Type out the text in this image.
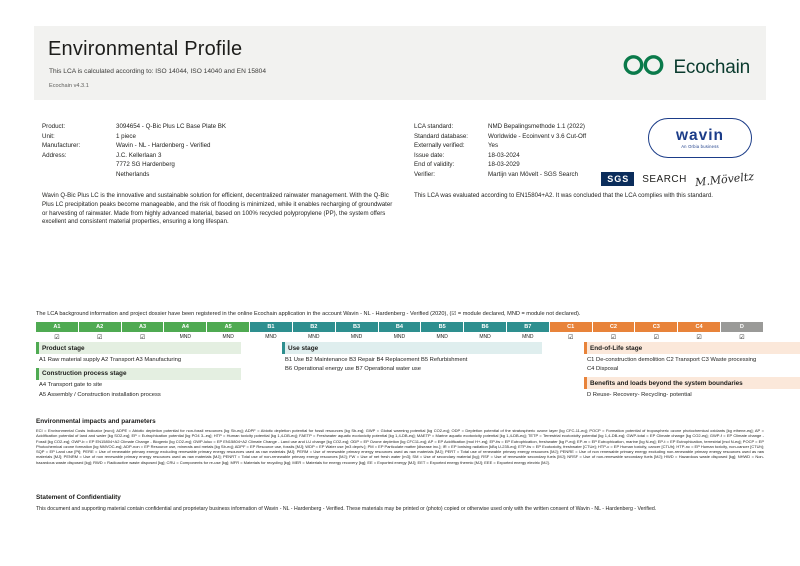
Environmental Profile
This LCA is calculated according to: ISO 14044, ISO 14040 and EN 15804
Ecochain v4.3.1
Ecochain
Product:	3094654 - Q-Bic Plus LC Base Plate BK
Unit:	1 piece
Manufacturer:	Wavin - NL - Hardenberg - Verified
Address:	J.C. Kellerlaan 3
7772 SG Hardenberg
Netherlands
LCA standard:	NMD Bepalingsmethode 1.1 (2022)
Standard database:	Worldwide - Ecoinvent v 3.6 Cut-Off
Externally verified:	Yes
Issue date:	18-03-2024
End of validity:	18-03-2029
Verifier:	Martijn van Mövelt - SGS Search
wavin
An Orbia business
SGS	SEARCH M.Möveltz
Wavin Q-Bic Plus LC is the innovative and sustainable solution for efficient, decentralized rainwater management. With the Q-Bic Plus LC precipitation peaks become manageable, and the risk of flooding is minimized, while it enables recharging of groundwater or harvesting of rainwater. Made from highly advanced material, based on 100% recycled polypropylene (PP), the system offers excellent and consistent material properties, ensuring a long lifespan.
This LCA was evaluated according to EN15804+A2. It was concluded that the LCA complies with this standard.
The LCA background information and project dossier have been registered in the online Ecochain application in the account Wavin - NL - Hardenberg - Verified (2020), (☑ = module declared, MND = module not declared).
A1	A2	A3	A4	A5	B1	B2	B3	B4	B5	B6	B7	C1	C2	C3	C4	D
☑	☑	☑	MND	MND	MND	MND	MND	MND	MND	MND	MND	☑	☑	☑	☑	☑
Product stage
A1 Raw material supply A2 Transport A3 Manufacturing
Construction process stage
A4 Transport gate to site
A5 Assembly / Construction installation process
Use stage
B1 Use B2 Maintenance B3 Repair B4 Replacement B5 Refurbishment
B6 Operational energy use B7 Operational water use
End-of-Life stage
C1 De-construction demolition C2 Transport C3 Waste processing
C4 Disposal
Benefits and loads beyond the system boundaries
D Reuse- Recovery- Recycling- potential
Environmental impacts and parameters
ECI = Environmental Costs Indicator [euro]; ADPE = Abiotic depletion potential for non-fossil resources [kg Sb-eq]; ADPF = Abiotic depletion potential for fossil resources [kg Sb-eq]; GWP = Global warming potential [kg CO2-eq]; ODP = Depletion potential of the stratospheric ozone layer [kg CFC-11-eq]; POCP = Formation potential of tropospheric ozone photochemical oxidants [kg ethene-eq]; AP = Acidification potential of land and water [kg SO2-eq]; EP = Eutrophication potential [kg PO4 3--eq]; HTP = Human toxicity potential [kg 1,4-DB-eq]; FAETP = Freshwater aquatic ecotoxicity potential [kg 1,4-DB-eq]; MAETP = Marine aquatic ecotoxicity potential [kg 1,4-DB-eq]; TETP = Terrestrial ecotoxicity potential [kg 1,4-DB-eq]; GWP-total = EP Climate change [kg CO2-eq]; GWP-f = EP Climate change - Fossil [kg CO2-eq]; GWP-b = EP EN15804+A2 Climate Change - Biogenic [kg CO2-eq]; GWP-luluc = EP EN15804+A2 Climate Change - Land use and LU change [kg CO2-eq]; ODP = EP Ozone depletion [kg CFC11-eq]; AP = EP Acidification [mol H+-eq]; EP-fw = EP Eutrophication, freshwater [kg P-eq]; EP-m = EP Eutrophication, marine [kg N-eq]; EP-t = EP Eutrophication, terrestrial [mol N-eq]; POCP = EP Photochemical ozone formation [kg NMVOC-eq]; ADP-non = EP Resource use, minerals and metals [kg Sb-eq]; ADPF = EP Resource use, fossils [MJ]; WDP = EP Water use [m3 depriv.]; PM = EP Particulate matter [disease inc.]; IR = EP Ionising radiation [kBq U-235-eq]; ETP-fw = EP Ecotoxicity, freshwater [CTUe]; HTP-c = EP Human toxicity, cancer [CTUh]; HTP-nc = EP Human toxicity, non-cancer [CTUh]; SQP = EP Land use [Pt]; PERE = Use of renewable primary energy excluding renewable primary energy resources used as raw materials [MJ]; PERM = Use of renewable primary energy resources used as raw materials [MJ]; PERT = Total use of renewable primary energy resources [MJ]; PENRE = Use of non renewable primary energy excluding non-renewable primary energy resources used as raw materials [MJ]; PENRM = Use of non renewable primary energy resources used as raw materials [MJ]; PENRT = Total use of non-renewable primary energy resources [MJ]; FW = Use of net fresh water [m3]; SM = Use of secondary material [kg]; RSF = Use of renewable secondary fuels [MJ]; NRSF = Use of non-renewable secondary fuels [MJ]; HWD = Hazardous waste disposed [kg]; NHWD = Non-hazardous waste disposed [kg]; RWD = Radioactive waste disposed [kg]; CRU = Components for re-use [kg]; MFR = Materials for recycling [kg]; MER = Materials for energy recovery [kg]; EE = Exported energy [MJ]; EET = Exported energy thermic [MJ]; EEE = Exported energy electric [MJ].
Statement of Confidentiality
This document and supporting material contain confidential and proprietary business information of Wavin - NL - Hardenberg - Verified. These materials may be printed or (photo) copied or otherwise used only with the written consent of Wavin - NL - Hardenberg - Verified.
